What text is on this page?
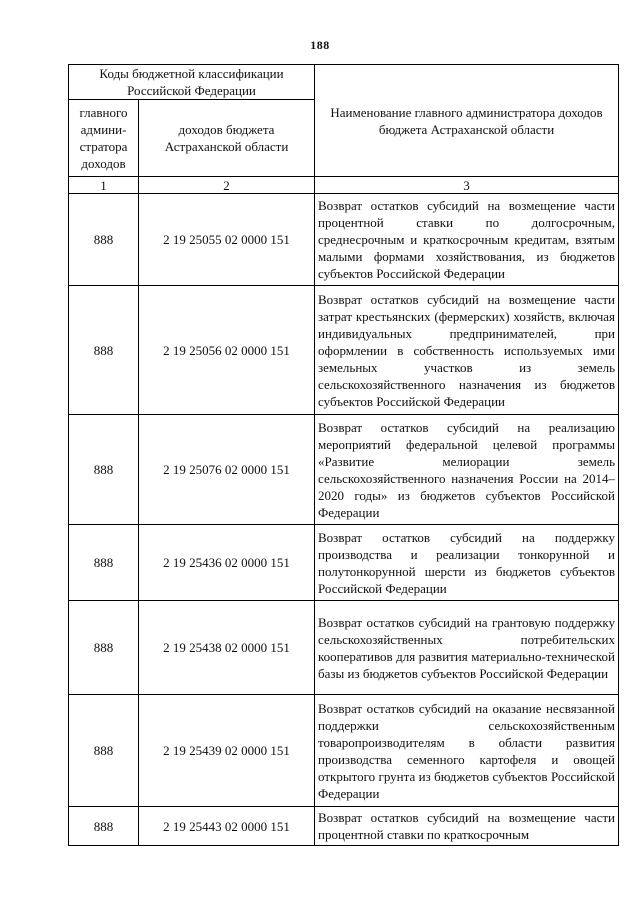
188
Коды бюджетной классификации Российской Федерации		Наименование главного администратора доходов бюджета Астраханской области
главного админи-стратора доходов	доходов бюджета Астраханской области	
1	2	3
888	2 19 25055 02 0000 151	Возврат остатков субсидий на возмещение части процентной ставки по долгосрочным, среднесрочным и краткосрочным кредитам, взятым малыми формами хозяйствования, из бюджетов субъектов Российской Федерации
888	2 19 25056 02 0000 151	Возврат остатков субсидий на возмещение части затрат крестьянских (фермерских) хозяйств, включая индивидуальных предпринимателей, при оформлении в собственность используемых ими земельных участков из земель сельскохозяйственного назначения из бюджетов субъектов Российской Федерации
888	2 19 25076 02 0000 151	Возврат остатков субсидий на реализацию мероприятий федеральной целевой программы «Развитие мелиорации земель сельскохозяйственного назначения России на 2014–2020 годы» из бюджетов субъектов Российской Федерации
888	2 19 25436 02 0000 151	Возврат остатков субсидий на поддержку производства и реализации тонкорунной и полутонкорунной шерсти из бюджетов субъектов Российской Федерации
888	2 19 25438 02 0000 151	Возврат остатков субсидий на грантовую поддержку сельскохозяйственных потребительских кооперативов для развития материально-технической базы из бюджетов субъектов Российской Федерации
888	2 19 25439 02 0000 151	Возврат остатков субсидий на оказание несвязанной поддержки сельскохозяйственным товаропроизводителям в области развития производства семенного картофеля и овощей открытого грунта из бюджетов субъектов Российской Федерации
888	2 19 25443 02 0000 151	Возврат остатков субсидий на возмещение части процентной ставки по краткосрочным
